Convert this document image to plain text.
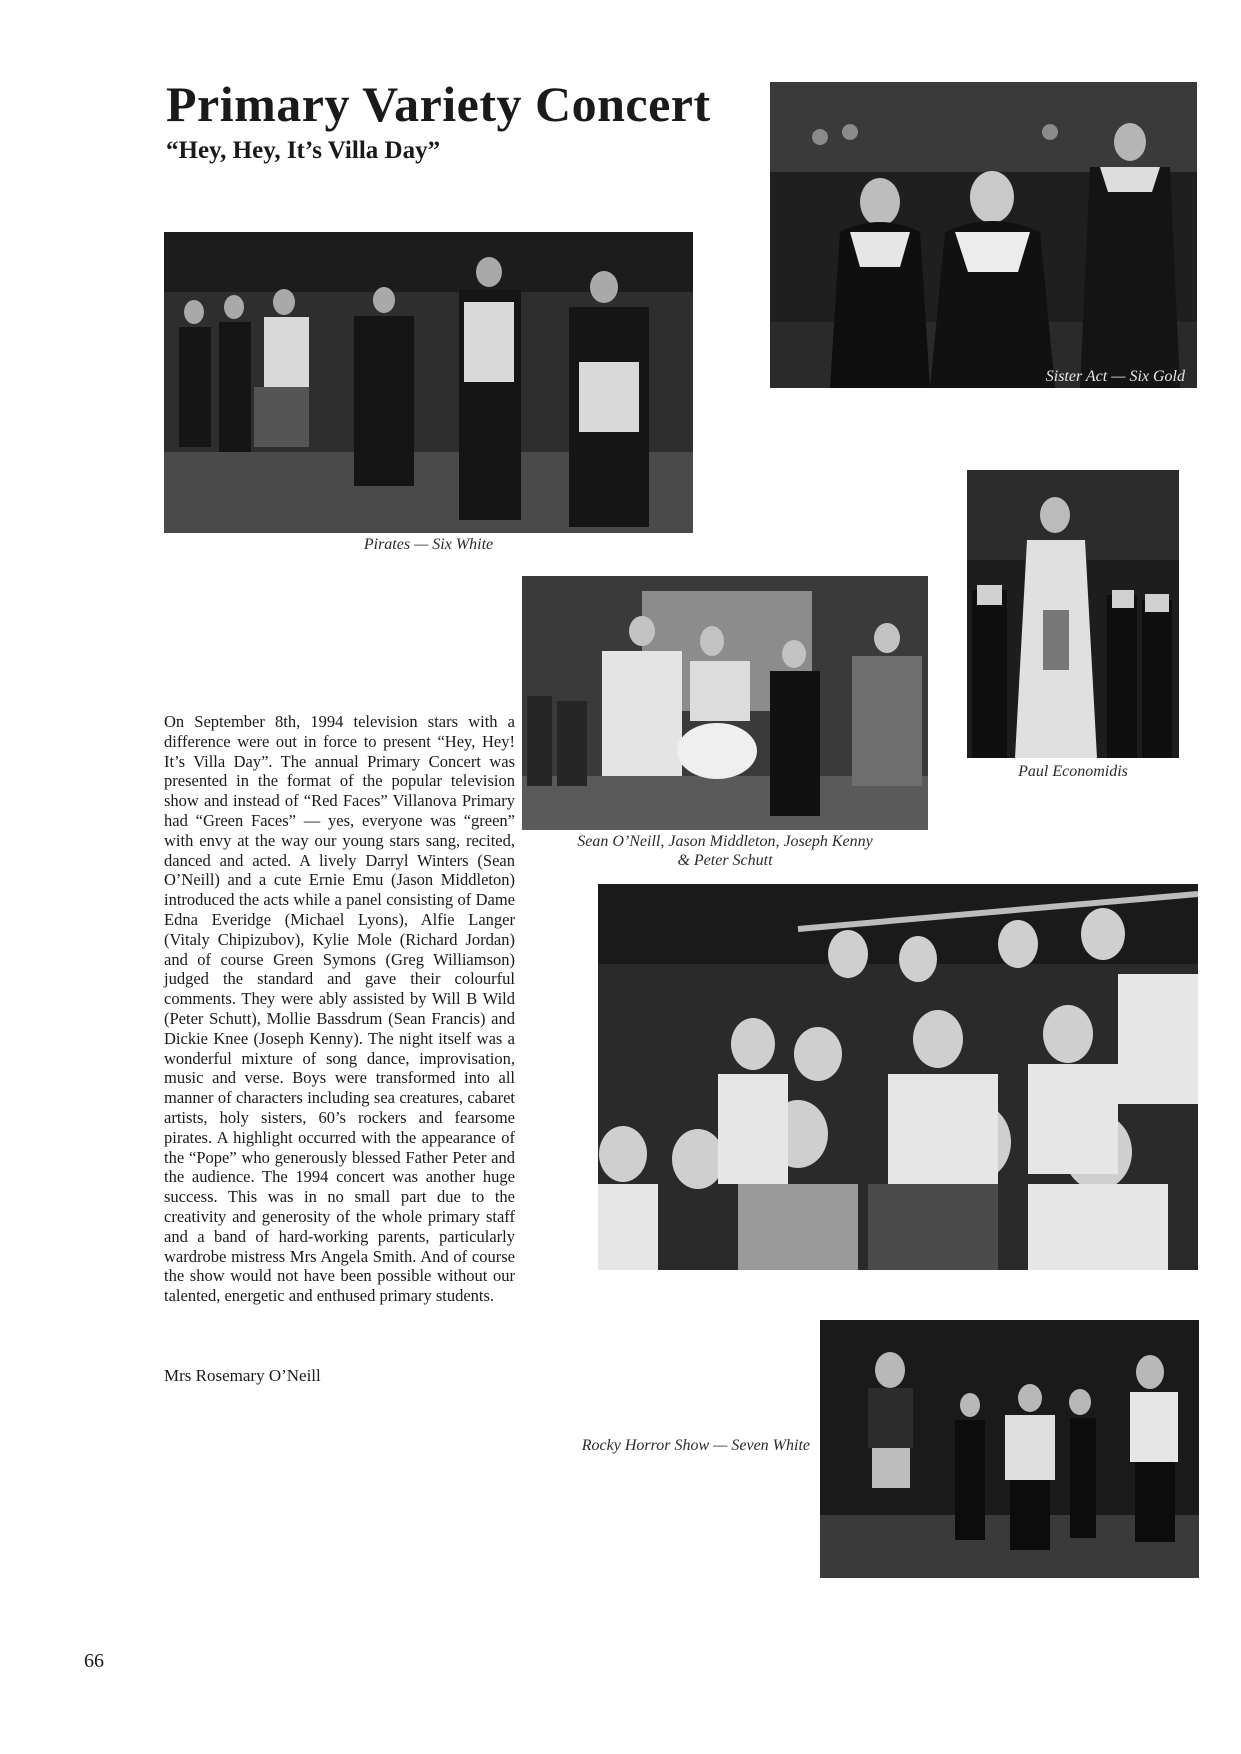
Primary Variety Concert
“Hey, Hey, It’s Villa Day”
Sister Act — Six Gold
Pirates — Six White
Paul Economidis
Sean O’Neill, Jason Middleton, Joseph Kenny
& Peter Schutt
Rocky Horror Show — Seven White

On September 8th, 1994 television stars with a difference were out in force to present “Hey, Hey! It’s Villa Day”. The annual Primary Concert was presented in the format of the popular television show and instead of “Red Faces” Villanova Primary had “Green Faces” — yes, everyone was “green” with envy at the way our young stars sang, recited, danced and acted. A lively Darryl Winters (Sean O’Neill) and a cute Ernie Emu (Jason Middleton) introduced the acts while a panel consisting of Dame Edna Everidge (Michael Lyons), Alfie Langer (Vitaly Chipizubov), Kylie Mole (Richard Jordan) and of course Green Symons (Greg Williamson) judged the standard and gave their colourful comments. They were ably assisted by Will B Wild (Peter Schutt), Mollie Bassdrum (Sean Francis) and Dickie Knee (Joseph Kenny). The night itself was a wonderful mixture of song dance, improvisation, music and verse. Boys were transformed into all manner of characters including sea creatures, cabaret artists, holy sisters, 60’s rockers and fearsome pirates. A highlight occurred with the appearance of the “Pope” who generously blessed Father Peter and the audience. The 1994 concert was another huge success. This was in no small part due to the creativity and generosity of the whole primary staff and a band of hard-working parents, particularly wardrobe mistress Mrs Angela Smith. And of course the show would not have been possible without our talented, energetic and enthused primary students.

Mrs Rosemary O’Neill

66
